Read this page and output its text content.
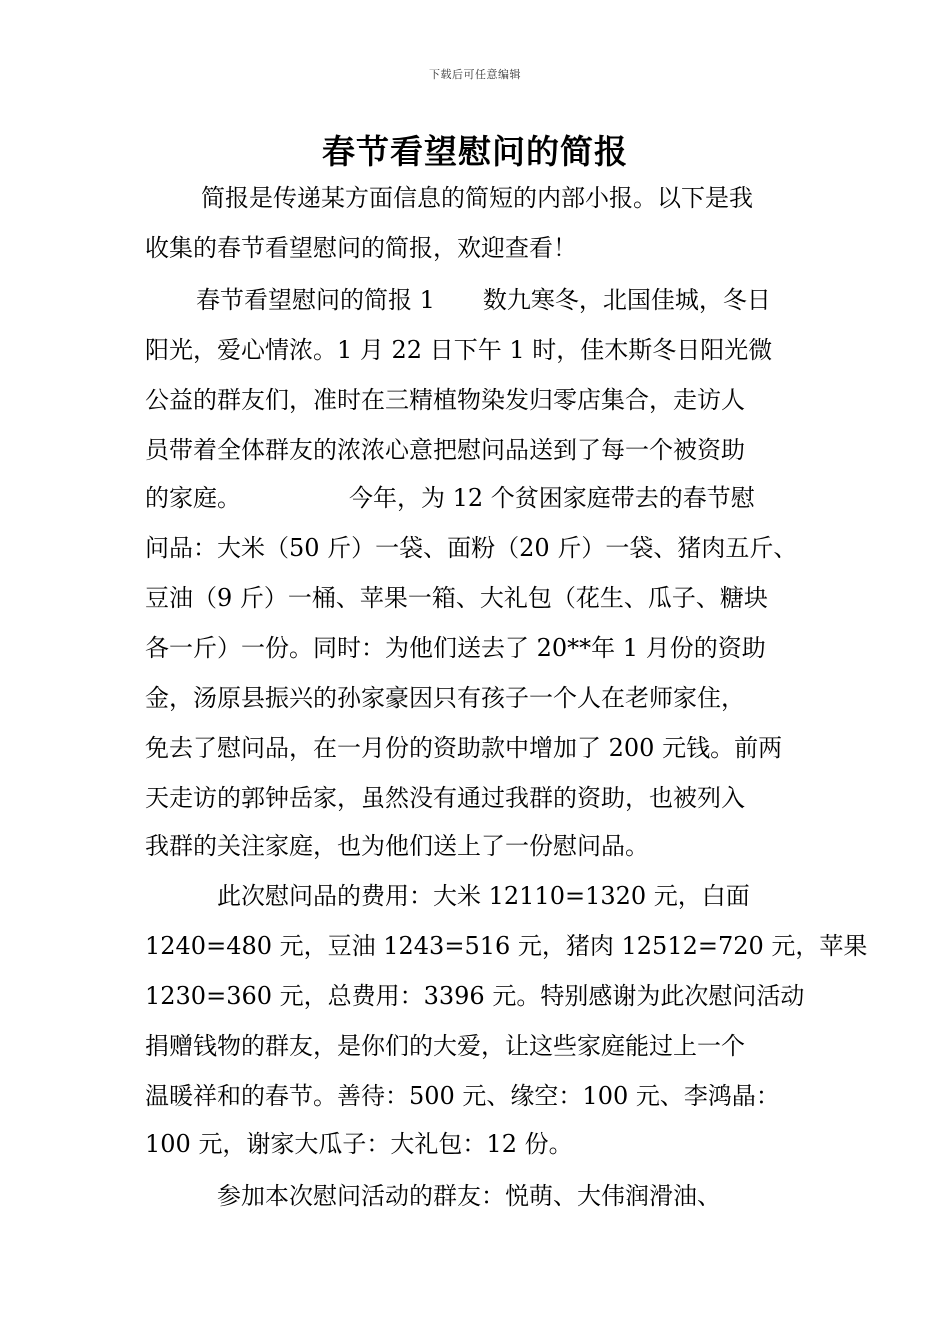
下载后可任意编辑
春节看望慰问的简报
简报是传递某方面信息的简短的内部小报。以下是我
收集的春节看望慰问的简报，欢迎查看！
春节看望慰问的简报 1　　数九寒冬，北国佳城，冬日
阳光，爱心情浓。1 月 22 日下午 1 时，佳木斯冬日阳光微
公益的群友们，准时在三精植物染发归零店集合，走访人
员带着全体群友的浓浓心意把慰问品送到了每一个被资助
的家庭。　　　　　今年，为 12 个贫困家庭带去的春节慰
问品：大米（50 斤）一袋、面粉（20 斤）一袋、猪肉五斤、
豆油（9 斤）一桶、苹果一箱、大礼包（花生、瓜子、糖块
各一斤）一份。同时：为他们送去了 20**年 1 月份的资助
金，汤原县振兴的孙家豪因只有孩子一个人在老师家住，
免去了慰问品，在一月份的资助款中增加了 200 元钱。前两
天走访的郭钟岳家，虽然没有通过我群的资助，也被列入
我群的关注家庭，也为他们送上了一份慰问品。
此次慰问品的费用：大米 12110=1320 元，白面
1240=480 元，豆油 1243=516 元，猪肉 12512=720 元，苹果
1230=360 元，总费用：3396 元。特别感谢为此次慰问活动
捐赠钱物的群友，是你们的大爱，让这些家庭能过上一个
温暖祥和的春节。善待：500 元、缘空：100 元、李鸿晶：
100 元，谢家大瓜子：大礼包：12 份。
参加本次慰问活动的群友：悦萌、大伟润滑油、
